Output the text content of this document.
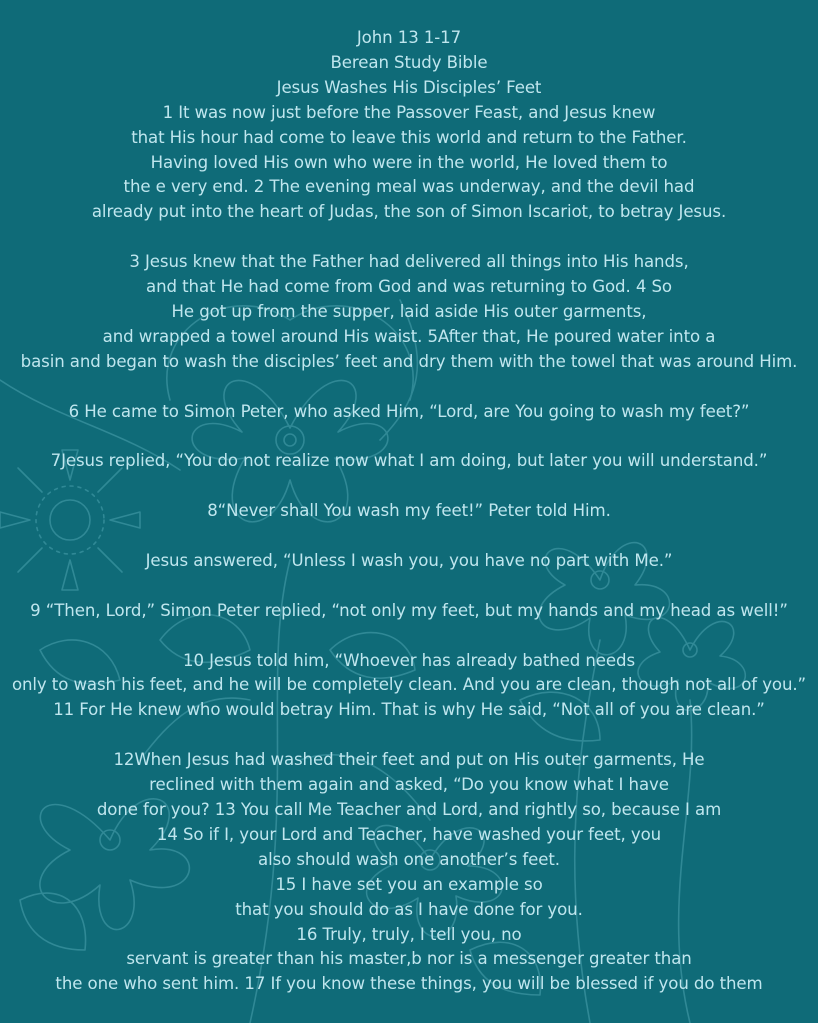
John 13 1-17
Berean Study Bible
Jesus Washes His Disciples’ Feet
1 It was now just before the Passover Feast, and Jesus knew
that His hour had come to leave this world and return to the Father.
Having loved His own who were in the world, He loved them to
the e very end. 2 The evening meal was underway, and the devil had
already put into the heart of Judas, the son of Simon Iscariot, to betray Jesus.
3 Jesus knew that the Father had delivered all things into His hands,
and that He had come from God and was returning to God. 4 So
He got up from the supper, laid aside His outer garments,
and wrapped a towel around His waist. 5After that, He poured water into a
basin and began to wash the disciples’ feet and dry them with the towel that was around Him.
6 He came to Simon Peter, who asked Him, “Lord, are You going to wash my feet?”
7Jesus replied, “You do not realize now what I am doing, but later you will understand.”
8“Never shall You wash my feet!” Peter told Him.
Jesus answered, “Unless I wash you, you have no part with Me.”
9 “Then, Lord,” Simon Peter replied, “not only my feet, but my hands and my head as well!”
10 Jesus told him, “Whoever has already bathed needs
only to wash his feet, and he will be completely clean. And you are clean, though not all of you.”
11 For He knew who would betray Him. That is why He said, “Not all of you are clean.”
12When Jesus had washed their feet and put on His outer garments, He
reclined with them again and asked, “Do you know what I have
done for you? 13 You call Me Teacher and Lord, and rightly so, because I am
14 So if I, your Lord and Teacher, have washed your feet, you
also should wash one another’s feet.
15 I have set you an example so
that you should do as I have done for you.
16 Truly, truly, I tell you, no
servant is greater than his master,b nor is a messenger greater than
the one who sent him. 17 If you know these things, you will be blessed if you do them
